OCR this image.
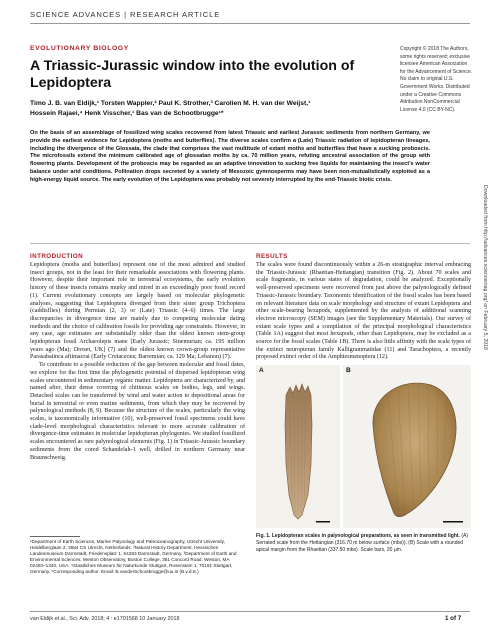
SCIENCE ADVANCES | RESEARCH ARTICLE
EVOLUTIONARY BIOLOGY
A Triassic-Jurassic window into the evolution of Lepidoptera
Timo J. B. van Eldijk,¹ Torsten Wappler,² Paul K. Strother,³ Carolien M. H. van der Weijst,¹
Hossein Rajaei,⁴ Henk Visscher,¹ Bas van de Schootbrugge¹*
Copyright © 2018 The Authors, some rights reserved; exclusive licensee American Association for the Advancement of Science. No claim to original U.S. Government Works. Distributed under a Creative Commons Attribution NonCommercial License 4.0 (CC BY-NC).

On the basis of an assemblage of fossilized wing scales recovered from latest Triassic and earliest Jurassic sediments from northern Germany, we provide the earliest evidence for Lepidoptera (moths and butterflies). The diverse scales confirm a (Late) Triassic radiation of lepidopteran lineages, including the divergence of the Glossata, the clade that comprises the vast multitude of extant moths and butterflies that have a sucking proboscis. The microfossils extend the minimum calibrated age of glossatan moths by ca. 70 million years, refuting ancestral association of the group with flowering plants. Development of the proboscis may be regarded as an adaptive innovation to sucking free liquids for maintaining the insect's water balance under arid conditions. Pollination drops secreted by a variety of Mesozoic gymnosperms may have been non-mutualistically exploited as a high-energy liquid source. The early evolution of the Lepidoptera was probably not severely interrupted by the end-Triassic biotic crisis.

INTRODUCTION

Lepidoptera (moths and butterflies) represent one of the most admired and studied insect groups, not in the least for their remarkable associations with flowering plants. However, despite their important role in terrestrial ecosystems, the early evolution history of these insects remains murky and mired in an exceedingly poor fossil record (1). Current evolutionary concepts are largely based on molecular phylogenetic analyses, suggesting that Lepidoptera diverged from their sister group Trichoptera (caddisflies) during Permian (2, 3) or (Late) Triassic (4–6) times. The large discrepancies in divergence time are mainly due to competing molecular dating methods and the choice of calibration fossils for providing age constraints. However, in any case, age estimates are substantially older than the oldest known stem-group lepidopteran fossil Archaeolepis mane [Early Jurassic; Sinemurian; ca. 195 million years ago (Ma); Dorset, UK] (7) and the oldest known crown-group representative Parasabatinca aftimacrai (Early Cretaceous; Barremian; ca. 129 Ma; Lebanon) (7).

To contribute to a possible reduction of the gap between molecular and fossil dates, we explore for the first time the phylogenetic potential of dispersed lepidopteran wing scales encountered in sedimentary organic matter. Lepidoptera are characterized by, and named after, their dense covering of chitinous scales on bodies, legs, and wings. Detached scales can be transferred by wind and water action to depositional areas for burial in terrestrial or even marine sediments, from which they may be recovered by palynological methods (8, 9). Because the structure of the scales, particularly the wing scales, is taxonomically informative (10), well-preserved fossil specimens could have clade-level morphological characteristics relevant to more accurate calibration of divergence-time estimates in molecular lepidopteran phylogenies. We studied fossilized scales encountered as rare palynological elements (Fig. 1) in Triassic-Jurassic boundary sediments from the cored Schandelah-1 well, drilled in northern Germany near Braunschweig.

¹Department of Earth Sciences, Marine Palynology and Paleoceanography, Utrecht University, Heidelberglaan 2, 3584 CS Utrecht, Netherlands. ²Natural History Department, Hessisches Landesmuseum Darmstadt, Friedensplatz 1, 64283 Darmstadt, Germany. ³Department of Earth and Environmental Sciences, Weston Observatory, Boston College, 381 Concord Road, Weston, MA 02493–1340, USA. ⁴Staatliches Museum für Naturkunde Stuttgart, Rosenstein 1, 70191 Stuttgart, Germany. *Corresponding author. Email: B.vanderSchootbrugge@uu.nl (B.v.d.S.)
RESULTS

The scales were found discontinuously within a 26-m stratigraphic interval embracing the Triassic-Jurassic (Rhaetian-Hettangian) transition (Fig. 2). About 70 scales and scale fragments, in various states of degradation, could be analyzed. Exceptionally well-preserved specimens were recovered from just above the palynologically defined Triassic-Jurassic boundary. Taxonomic identification of the fossil scales has been based on relevant literature data on scale morphology and structure of extant Lepidoptera and other scale-bearing hexapods, supplemented by the analysis of additional scanning electron microscopy (SEM) images (see the Supplementary Materials). Our survey of extant scale types and a compilation of the principal morphological characteristics (Table 1A) suggest that most hexapods, other than Lepidoptera, may be excluded as a source for the fossil scales (Table 1B). There is also little affinity with the scale types of the extinct neuropteran family Kalligrammatidae (11) and Tarachoptera, a recently proposed extinct order of the Amphiesmenoptera (12).

A	B
Fig. 1. Lepidopteran scales in palynological preparations, as seen in transmitted light. (A) Serrated scale from the Hettangian (316.70 m below surface (mbs)). (B) Scale with a rounded apical margin from the Rhaetian (337.50 mbs). Scale bars, 20 μm.
Downloaded from http://advances.sciencemag.org/ on February 5, 2018
van Eldijk et al., Sci. Adv. 2018; 4 : e1701568 10 January 2018	1 of 7
